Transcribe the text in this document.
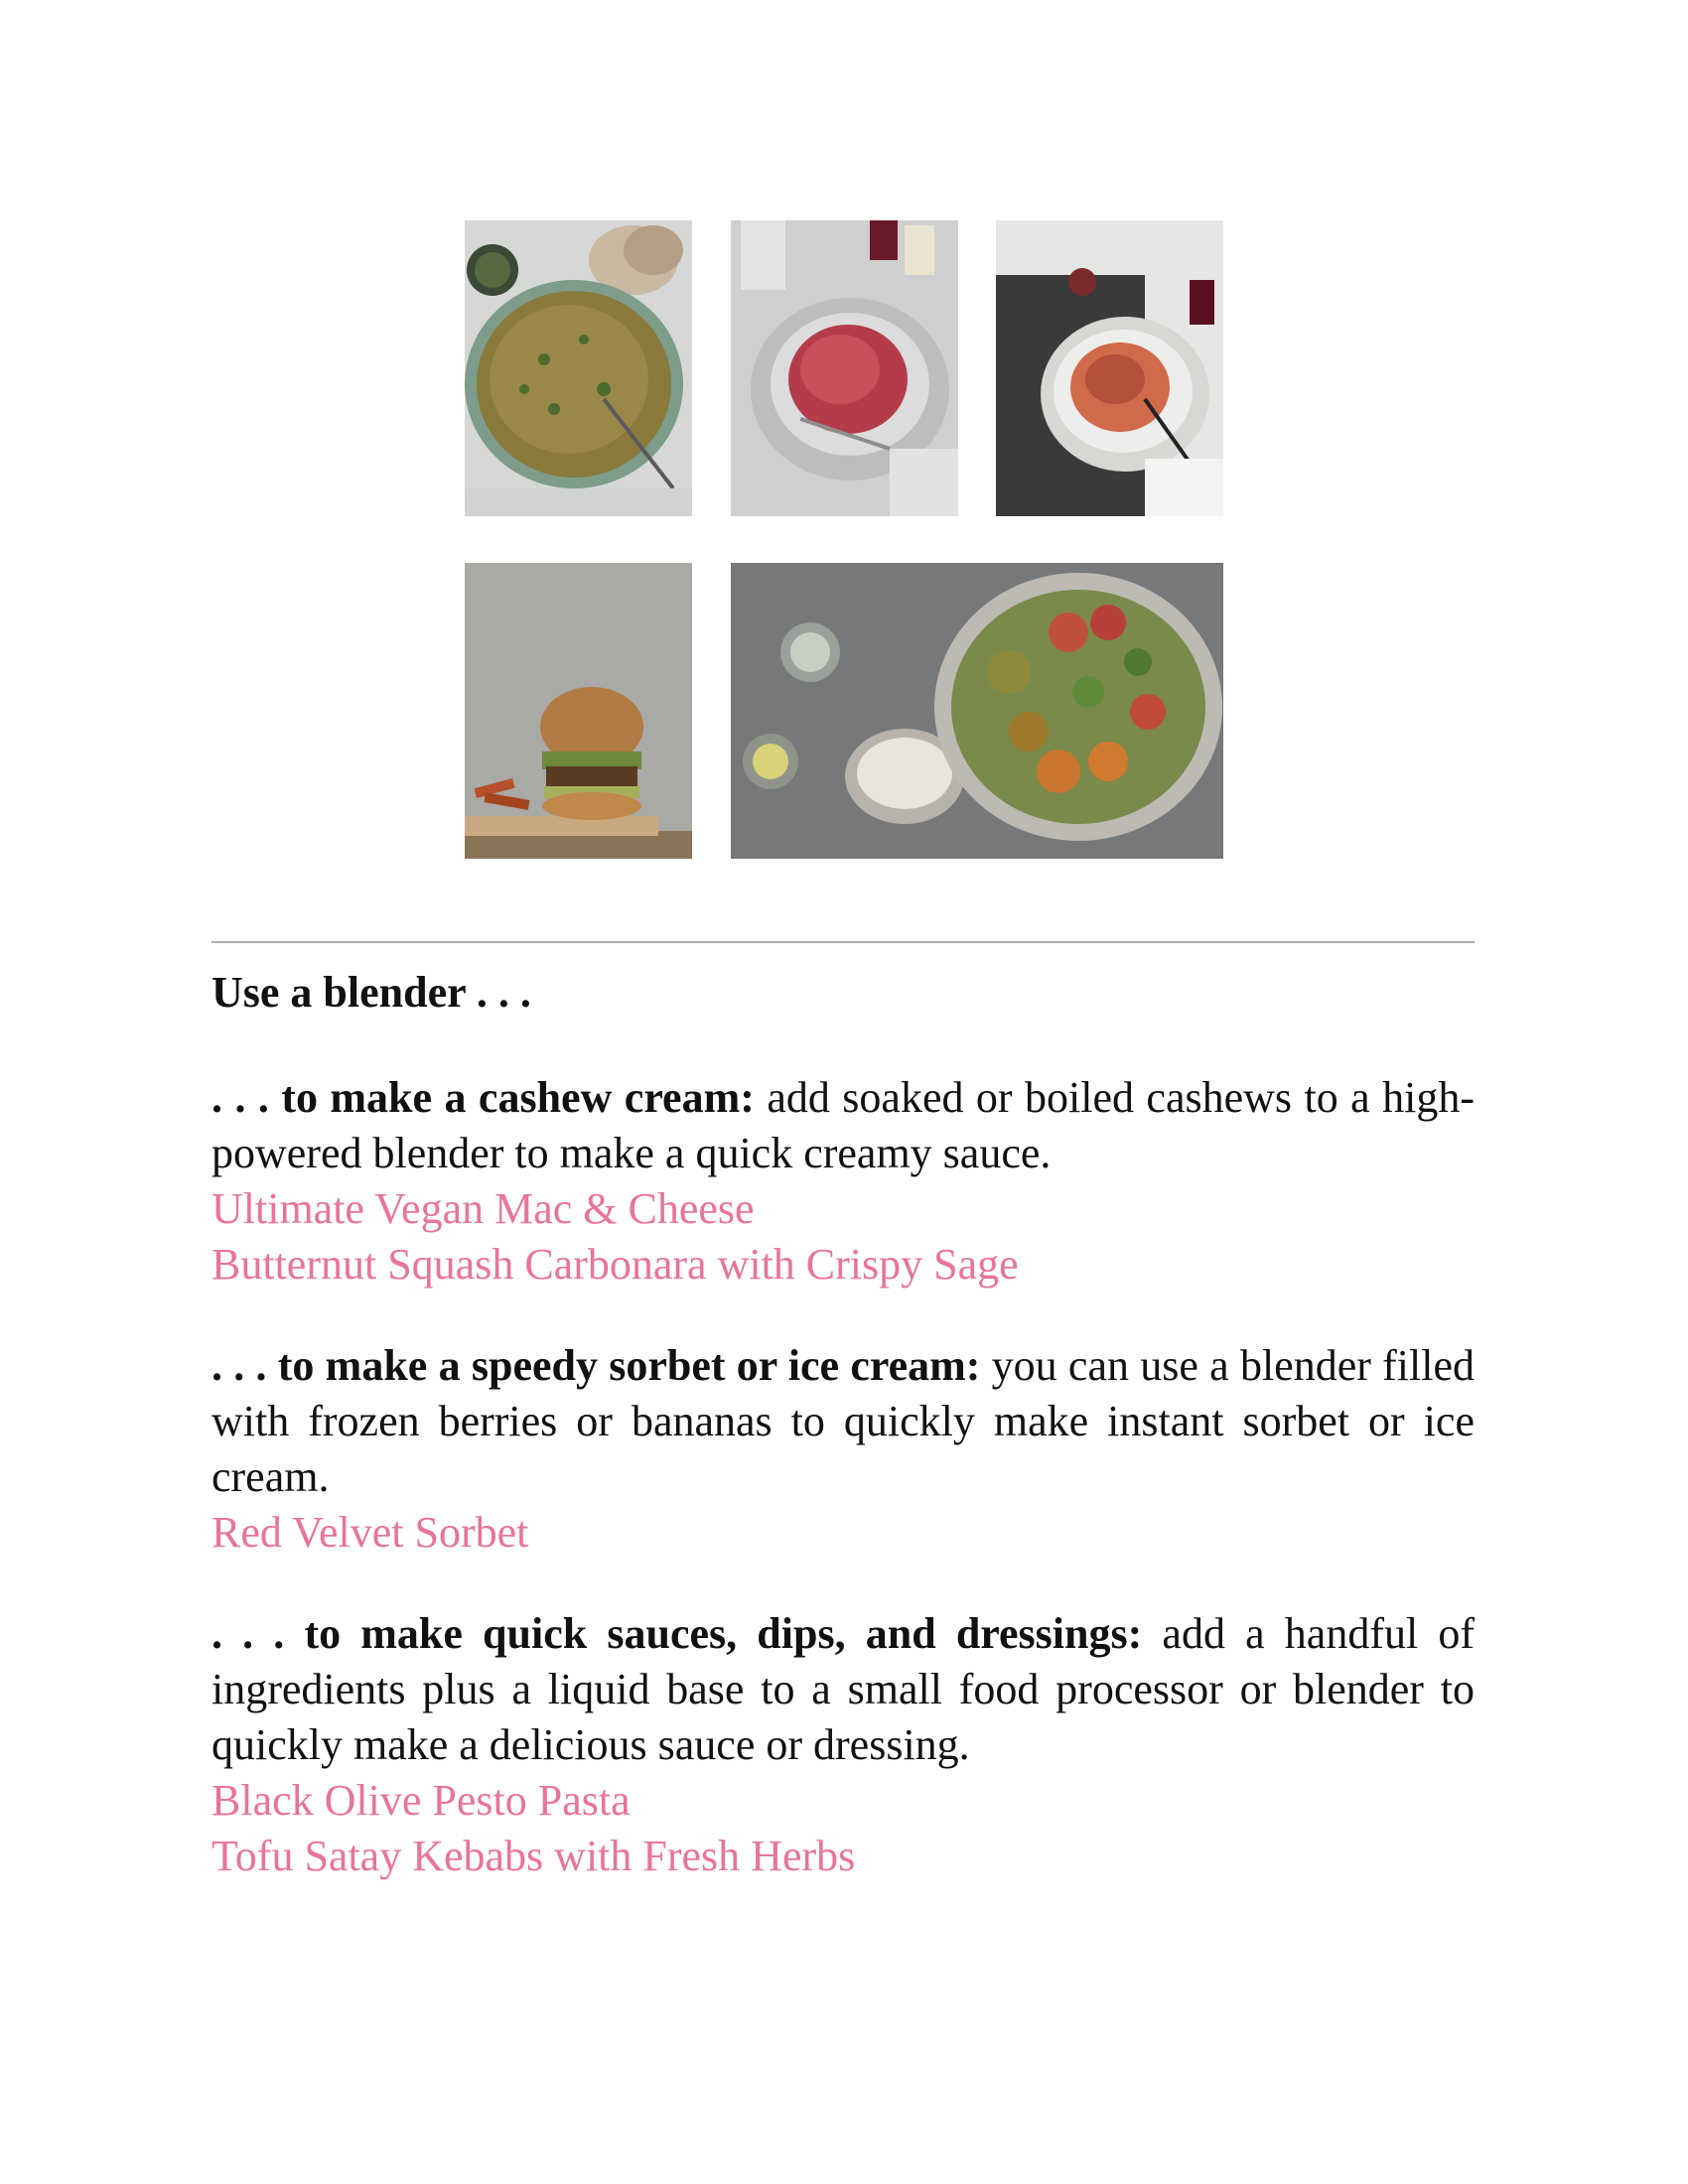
Use a blender . . .

. . . to make a cashew cream: add soaked or boiled cashews to a high-powered blender to make a quick creamy sauce.

Ultimate Vegan Mac & Cheese
Butternut Squash Carbonara with Crispy Sage

. . . to make a speedy sorbet or ice cream: you can use a blender filled with frozen berries or bananas to quickly make instant sorbet or ice cream.

Red Velvet Sorbet

. . . to make quick sauces, dips, and dressings: add a handful of ingredients plus a liquid base to a small food processor or blender to quickly make a delicious sauce or dressing.

Black Olive Pesto Pasta
Tofu Satay Kebabs with Fresh Herbs
